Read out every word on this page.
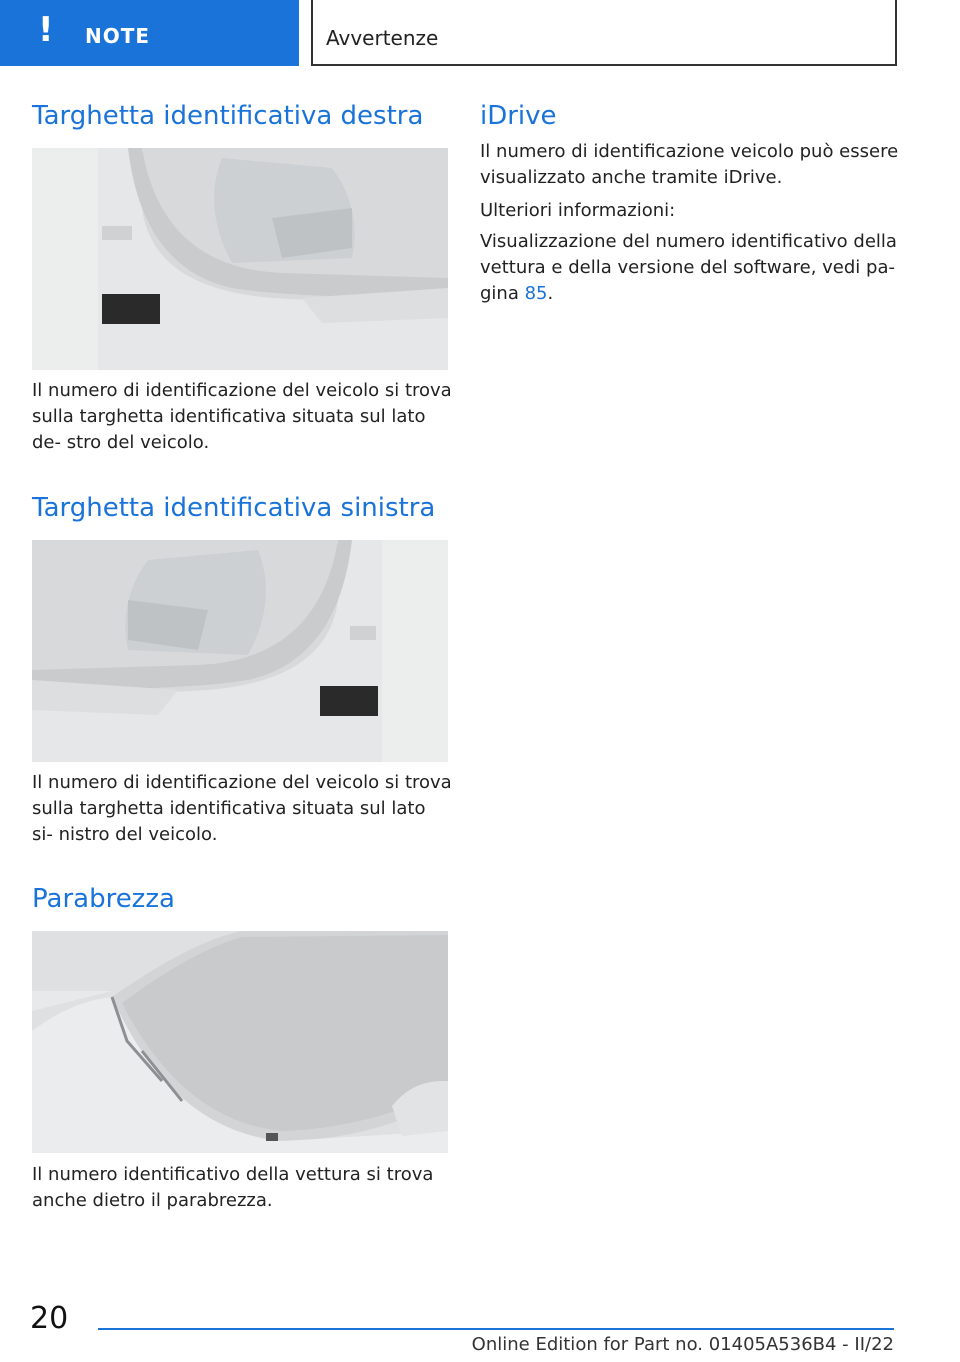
! NOTE	Avvertenze
Targhetta identificativa destra

Il numero di identificazione del veicolo si trova sulla targhetta identificativa situata sul lato de- stro del veicolo.

Targhetta identificativa sinistra

Il numero di identificazione del veicolo si trova sulla targhetta identificativa situata sul lato si- nistro del veicolo.

Parabrezza

Il numero identificativo della vettura si trova anche dietro il parabrezza.

iDrive

Il numero di identificazione veicolo può essere visualizzato anche tramite iDrive.

Ulteriori informazioni:

Visualizzazione del numero identificativo della vettura e della versione del software, vedi pa- gina 85.

20
Online Edition for Part no. 01405A536B4 - II/22
